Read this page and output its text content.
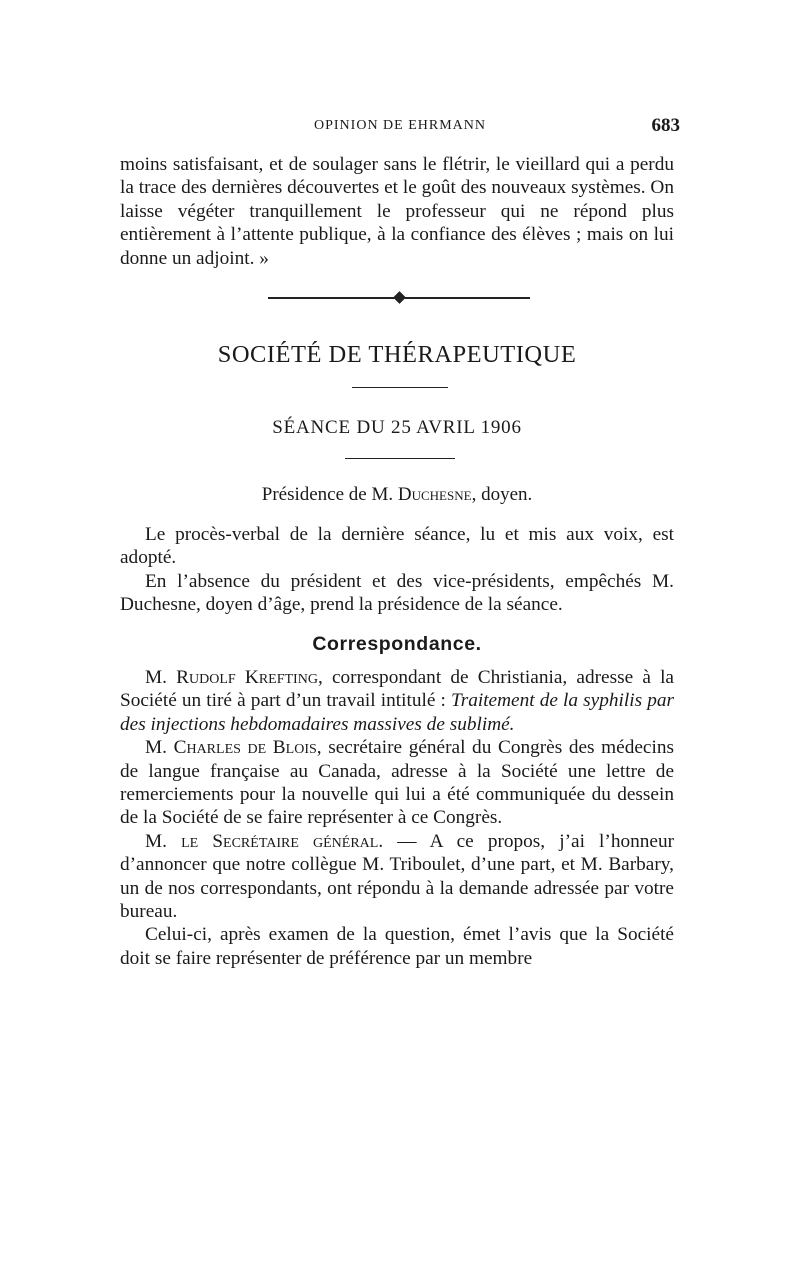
OPINION DE EHRMANN	683

moins satisfaisant, et de soulager sans le flétrir, le vieillard qui a perdu la trace des dernières découvertes et le goût des nouveaux systèmes. On laisse végéter tranquillement le professeur qui ne répond plus entièrement à l’attente publique, à la confiance des élèves ; mais on lui donne un adjoint. »

SOCIÉTÉ DE THÉRAPEUTIQUE
SÉANCE DU 25 AVRIL 1906
Présidence de M. Duchesne, doyen.

Le procès-verbal de la dernière séance, lu et mis aux voix, est adopté.

En l’absence du président et des vice-présidents, empêchés M. Duchesne, doyen d’âge, prend la présidence de la séance.

Correspondance.

M. Rudolf Krefting, correspondant de Christiania, adresse à la Société un tiré à part d’un travail intitulé : Traitement de la syphilis par des injections hebdomadaires massives de sublimé.

M. Charles de Blois, secrétaire général du Congrès des médecins de langue française au Canada, adresse à la Société une lettre de remerciements pour la nouvelle qui lui a été communiquée du dessein de la Société de se faire représenter à ce Congrès.

M. le Secrétaire général. — A ce propos, j’ai l’honneur d’annoncer que notre collègue M. Triboulet, d’une part, et M. Barbary, un de nos correspondants, ont répondu à la demande adressée par votre bureau.

Celui-ci, après examen de la question, émet l’avis que la Société doit se faire représenter de préférence par un membre
